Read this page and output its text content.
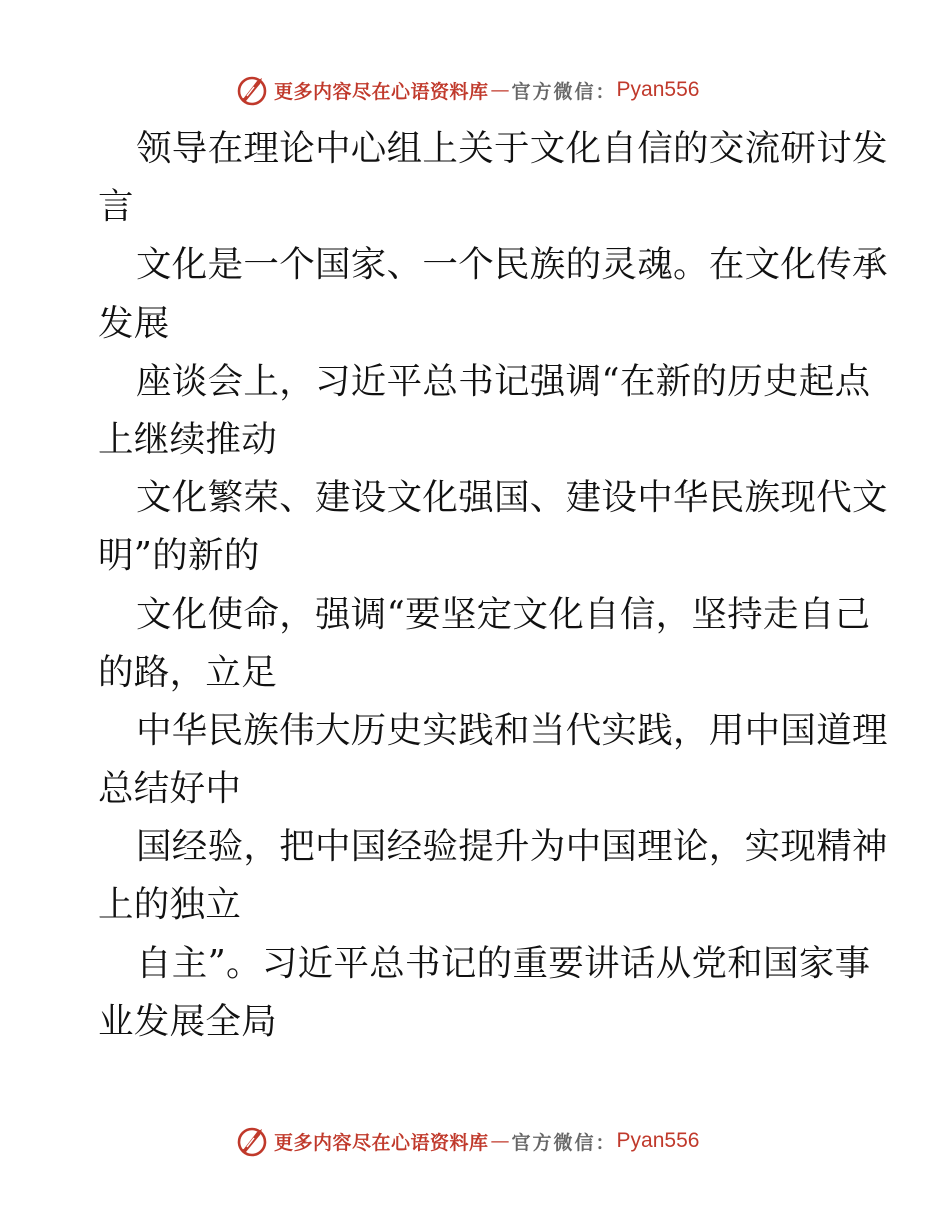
更多内容尽在心语资料库 — 官方微信： Pyan556

领导在理论中心组上关于文化自信的交流研讨发

言

文化是一个国家、一个民族的灵魂。在文化传承

发展

座谈会上，习近平总书记强调“在新的历史起点

上继续推动

文化繁荣、建设文化强国、建设中华民族现代文

明”的新的

文化使命，强调“要坚定文化自信，坚持走自己

的路，立足

中华民族伟大历史实践和当代实践，用中国道理

总结好中

国经验，把中国经验提升为中国理论，实现精神

上的独立

自主”。习近平总书记的重要讲话从党和国家事

业发展全局

更多内容尽在心语资料库 — 官方微信： Pyan556
